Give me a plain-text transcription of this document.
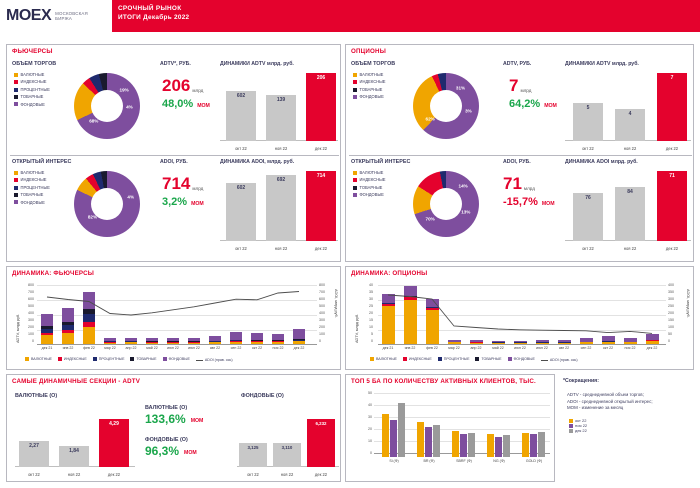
MOEX МОСКОВСКАЯ
БИРЖА
СРОЧНЫЙ РЫНОК
ИТОГИ Декабрь 2022
ФЬЮЧЕРСЫ
ОБЪЕМ ТОРГОВ	ADTV*, РУБ.	ДИНАМИКИ ADTV млрд. руб.
ВАЛЮТНЫЕ
ИНДЕКСНЫЕ
ПРОЦЕНТНЫЕ
ТОВАРНЫЕ
ФОНДОВЫЕ
68%
19%
4%
206 млрд
48,0% MOM
602
139
206
окт 22	ноя 22	дек 22
ОТКРЫТЫЙ ИНТЕРЕС	ADOI, РУБ.	ДИНАМИКА ADOI, млрд. руб.
ВАЛЮТНЫЕ
ИНДЕКСНЫЕ
ПРОЦЕНТНЫЕ
ТОВАРНЫЕ
ФОНДОВЫЕ
82%
4%
714 млрд
3,2% MOM
602
692
714
окт 22	ноя 22	дек 22
ОПЦИОНЫ
ОБЪЕМ ТОРГОВ	ADTV, РУБ.	ДИНАМИКИ ADTV млрд. руб.
ВАЛЮТНЫЕ
ИНДЕКСНЫЕ
ТОВАРНЫЕ
ФОНДОВЫЕ
62%
31%
3%
7 млрд
64,2% MOM	5
4
7
окт 22	ноя 22	дек 22
ОТКРЫТЫЙ ИНТЕРЕС	ADOI, РУБ.	ДИНАМИКА ADOI млрд. руб.
ВАЛЮТНЫЕ
ИНДЕКСНЫЕ
ТОВАРНЫЕ
ФОНДОВЫЕ
70%
14%
13%
71 млрд
-15,7% MOM
76
84
71
окт 22	ноя 22	дек 22
ДИНАМИКА: ФЬЮЧЕРСЫ
ADTV, млрд руб.
800
700
600
500
400
300
200
100
0
800
700
600
500
400
300
200
100
0
ADOI, млрд руб.
дек 21	янв 22	фев 22	мар 22	апр 22	май 22	июн 22	июл 22	авг 22	сен 22	окт 22	ноя 22	дек 22
ВАЛЮТНЫЕ
	ИНДЕКСНЫЕ
	ПРОЦЕНТНЫЕ
	ТОВАРНЫЕ
	ФОНДОВЫЕ
	ADOI (прав. ось)
ДИНАМИКА: ОПЦИОНЫ
ADTV, млрд руб.
40
35
30
25
20
15
10
5
0
400
350
300
250
200
150
100
50
0
ADOI, млрд руб.
дек 21	янв 22	фев 22	мар 22	апр 22	май 22	июн 22	июл 22	авг 22	сен 22	окт 22	ноя 22	дек 22
ВАЛЮТНЫЕ
	ИНДЕКСНЫЕ
	ПРОЦЕНТНЫЕ
	ТОВАРНЫЕ
	ФОНДОВЫЕ
	ADOI (прав. ось)
САМЫЕ ДИНАМИЧНЫЕ СЕКЦИИ - ADTV
ВАЛЮТНЫЕ (О)
ВАЛЮТНЫЕ (О)
ФОНДОВЫЕ (О)
2,27
1,84
4,29
окт 22	ноя 22	дек 22
133,6% MOM
ФОНДОВЫЕ (О)
96,3% MOM
3,125	3,110
6,232
окт 22	ноя 22	дек 22
ТОП 5 БА ПО КОЛИЧЕСТВУ АКТИВНЫХ КЛИЕНТОВ, ТЫС.
50
40
30
20
10
0
Si (Ф)	BR (Ф)	SBRF (Ф)	NG (Ф)	GOLD (Ф)
*Сокращения:
ADTV - среднедневной объем торгов;
ADOI - среднедневной открытый интерес;
MOM - изменение за месяц
окт 22
ноя 22
дек 22
